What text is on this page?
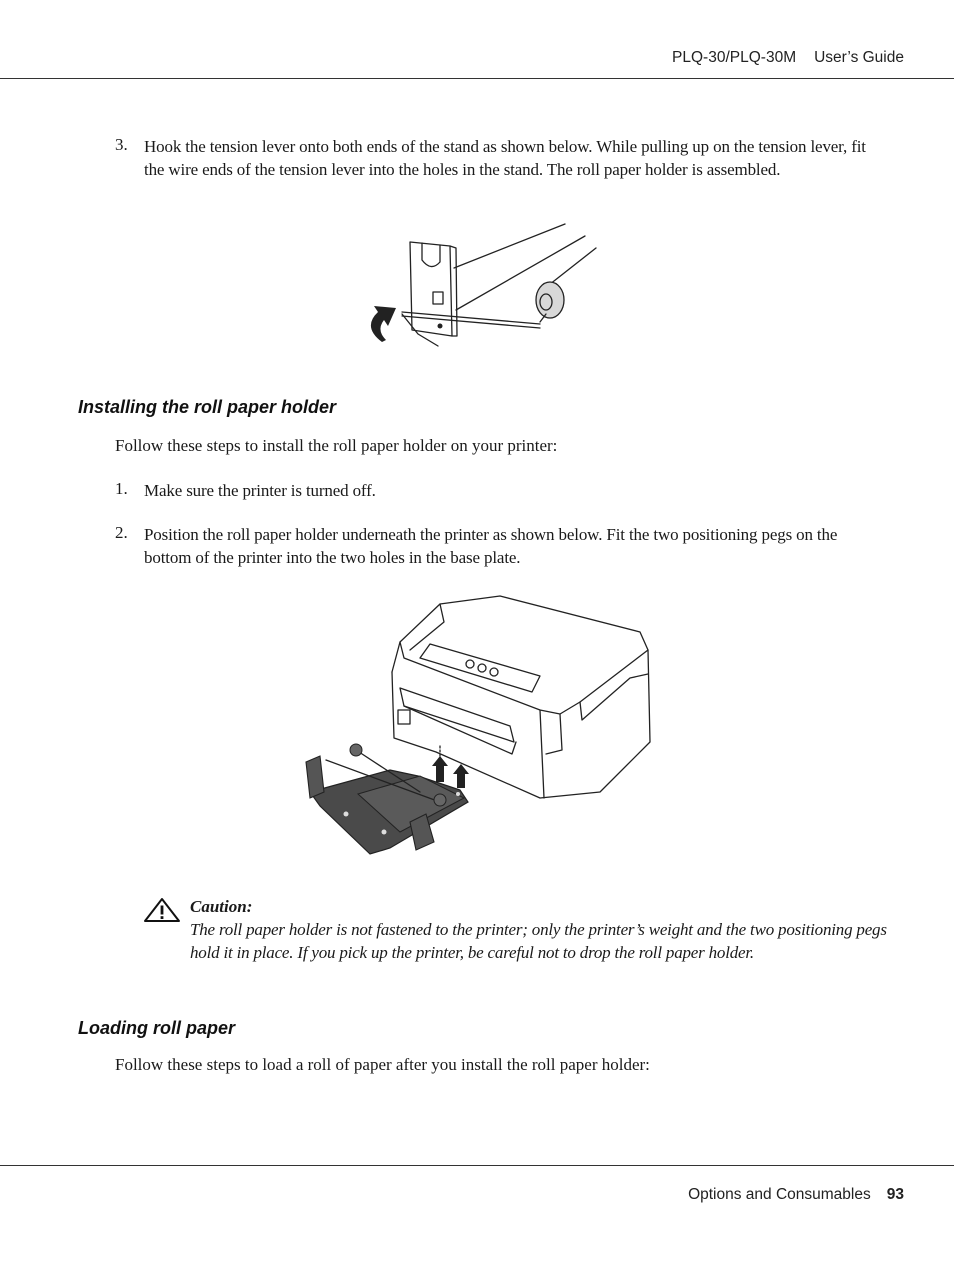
PLQ-30/PLQ-30M User’s Guide
3. Hook the tension lever onto both ends of the stand as shown below. While pulling up on the tension lever, fit the wire ends of the tension lever into the holes in the stand. The roll paper holder is assembled.
Installing the roll paper holder
Follow these steps to install the roll paper holder on your printer:
1. Make sure the printer is turned off.
2. Position the roll paper holder underneath the printer as shown below. Fit the two positioning pegs on the bottom of the printer into the two holes in the base plate.
Caution:
The roll paper holder is not fastened to the printer; only the printer’s weight and the two positioning pegs hold it in place. If you pick up the printer, be careful not to drop the roll paper holder.
Loading roll paper
Follow these steps to load a roll of paper after you install the roll paper holder:
Options and Consumables 93
